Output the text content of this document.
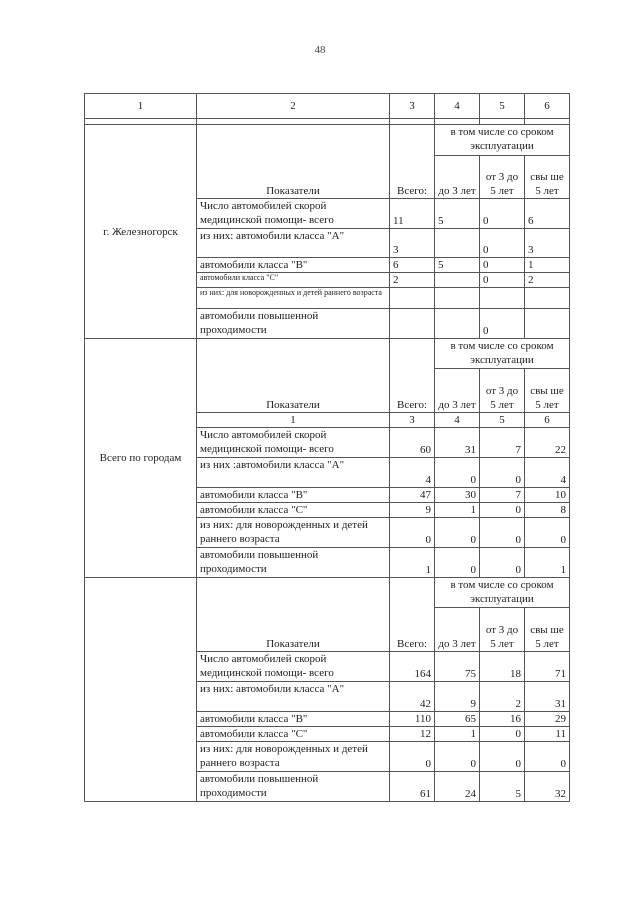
48
1	2	3	4	5	6

г. Железногорск	Показатели	Всего:	в том числе со сроком эксплуатации		
			до 3 лет	от 3 до 5 лет	свы ше 5 лет
	Число автомобилей скорой медицинской помощи- всего	11	5	0	6
	из них: автомобили класса "A"	3		0	3
	автомобили класса "B"	6	5	0	1
	автомобили класса "C"	2		0	2
	из них: для новорожденных и детей раннего возраста				
	автомобили повышенной проходимости			0	
Всего по городам	Показатели	Всего:	в том числе со сроком эксплуатации		
			до 3 лет	от 3 до 5 лет	свы ше 5 лет
	1	3	4	5	6
	Число автомобилей скорой медицинской помощи- всего	60	31	7	22
	из них :автомобили класса "A"	4	0	0	4
	автомобили класса "B"	47	30	7	10
	автомобили класса "C"	9	1	0	8
	из них: для новорожденных и детей раннего возраста	0	0	0	0
	автомобили повышенной проходимости	1	0	0	1
	Показатели	Всего:	в том числе со сроком эксплуатации		
			до 3 лет	от 3 до 5 лет	свы ше 5 лет
	Число автомобилей скорой медицинской помощи- всего	164	75	18	71
	из них: автомобили класса "A"	42	9	2	31
	автомобили класса "B"	110	65	16	29
	автомобили класса "C"	12	1	0	11
	из них: для новорожденных и детей раннего возраста	0	0	0	0
	автомобили повышенной проходимости	61	24	5	32
